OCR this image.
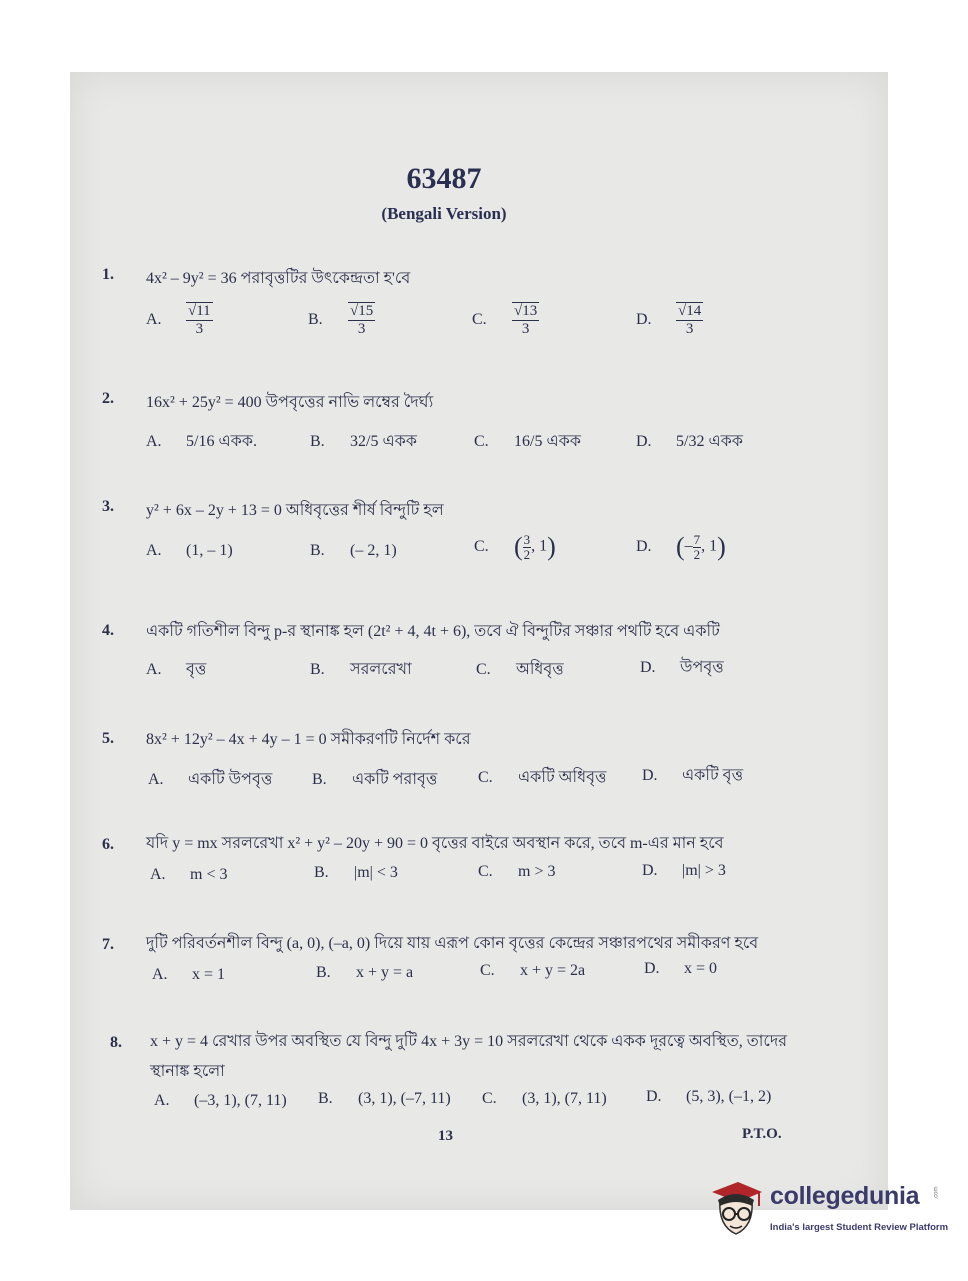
63487
(Bengali Version)
1. 4x² – 9y² = 36 পরাবৃত্তটির উৎকেন্দ্রতা হ'বে
A. $\frac{√11}{3}$	B. $\frac{√15}{3}$	C. $\frac{√13}{3}$	D. $\frac{√14}{3}$
2. 16x² + 25y² = 400 উপবৃত্তের নাভি লম্বের দৈর্ঘ্য
A. 5/16 একক.	B. 32/5 একক	C. 16/5 একক	D. 5/32 একক
3. y² + 6x – 2y + 13 = 0 অধিবৃত্তের শীর্ষ বিন্দুটি হল
A. (1, – 1)	B. (– 2, 1)	C. ( $\frac{3}{2}$ , 1)	D. (– $\frac{7}{2}$ , 1)
4. একটি গতিশীল বিন্দু p-র স্থানাঙ্ক হল (2t² + 4, 4t + 6), তবে ঐ বিন্দুটির সঞ্চার পথটি হবে একটি
A. বৃত্ত	B. সরলরেখা	C. অধিবৃত্ত	D. উপবৃত্ত
5. 8x² + 12y² – 4x + 4y – 1 = 0 সমীকরণটি নির্দেশ করে
A. একটি উপবৃত্ত B. একটি পরাবৃত্ত	C. একটি অধিবৃত্ত D. একটি বৃত্ত
6. যদি y = mx সরলরেখা x² + y² – 20y + 90 = 0 বৃত্তের বাইরে অবস্থান করে, তবে m-এর মান হবে
A. m < 3	B. |m| < 3	C. m > 3	D. |m| > 3
7. দুটি পরিবর্তনশীল বিন্দু (a, 0), (–a, 0) দিয়ে যায় এরূপ কোন বৃত্তের কেন্দ্রের সঞ্চারপথের সমীকরণ হবে
A. x = 1	B. x + y = a	C. x + y = 2a	D. x = 0
8. x + y = 4 রেখার উপর অবস্থিত যে বিন্দু দুটি 4x + 3y = 10 সরলরেখা থেকে একক দূরত্বে অবস্থিত, তাদের
স্থানাঙ্ক হলো
A. (–3, 1), (7, 11) B. (3, 1), (–7, 11) C. (3, 1), (7, 11) D. (5, 3), (–1, 2)
13	P.T.O.
collegedunia .com
India's largest Student Review Platform
